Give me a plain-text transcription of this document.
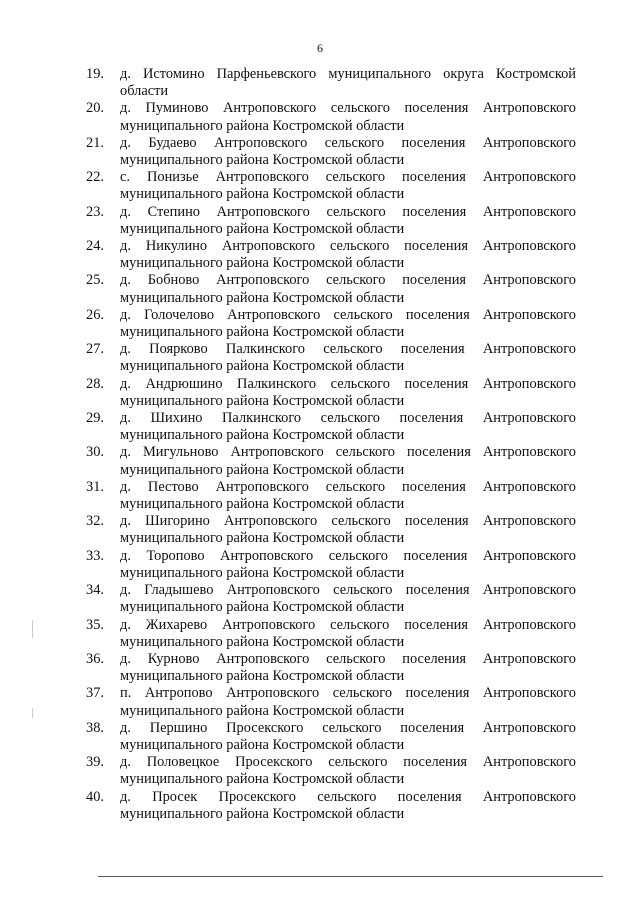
6
19.	д. Истомино Парфеньевского муниципального округа Костромской области
20.	д. Пуминово Антроповского сельского поселения Антроповского муниципального района Костромской области
21.	д. Будаево Антроповского сельского поселения Антроповского муниципального района Костромской области
22.	с. Понизье Антроповского сельского поселения Антроповского муниципального района Костромской области
23.	д. Степино Антроповского сельского поселения Антроповского муниципального района Костромской области
24.	д. Никулино Антроповского сельского поселения Антроповского муниципального района Костромской области
25.	д. Бобново Антроповского сельского поселения Антроповского муниципального района Костромской области
26.	д. Голочелово Антроповского сельского поселения Антроповского муниципального района Костромской области
27.	д. Поярково Палкинского сельского поселения Антроповского муниципального района Костромской области
28.	д. Андрюшино Палкинского сельского поселения Антроповского муниципального района Костромской области
29.	д. Шихино Палкинского сельского поселения Антроповского муниципального района Костромской области
30.	д. Мигульново Антроповского сельского поселения Антроповского муниципального района Костромской области
31.	д. Пестово Антроповского сельского поселения Антроповского муниципального района Костромской области
32.	д. Шигорино Антроповского сельского поселения Антроповского муниципального района Костромской области
33.	д. Торопово Антроповского сельского поселения Антроповского муниципального района Костромской области
34.	д. Гладышево Антроповского сельского поселения Антроповского муниципального района Костромской области
35.	д. Жихарево Антроповского сельского поселения Антроповского муниципального района Костромской области
36.	д. Курново Антроповского сельского поселения Антроповского муниципального района Костромской области
37.	п. Антропово Антроповского сельского поселения Антроповского муниципального района Костромской области
38.	д. Першино Просекского сельского поселения Антроповского муниципального района Костромской области
39.	д. Половецкое Просекского сельского поселения Антроповского муниципального района Костромской области
40.	д. Просек Просекского сельского поселения Антроповского муниципального района Костромской области
